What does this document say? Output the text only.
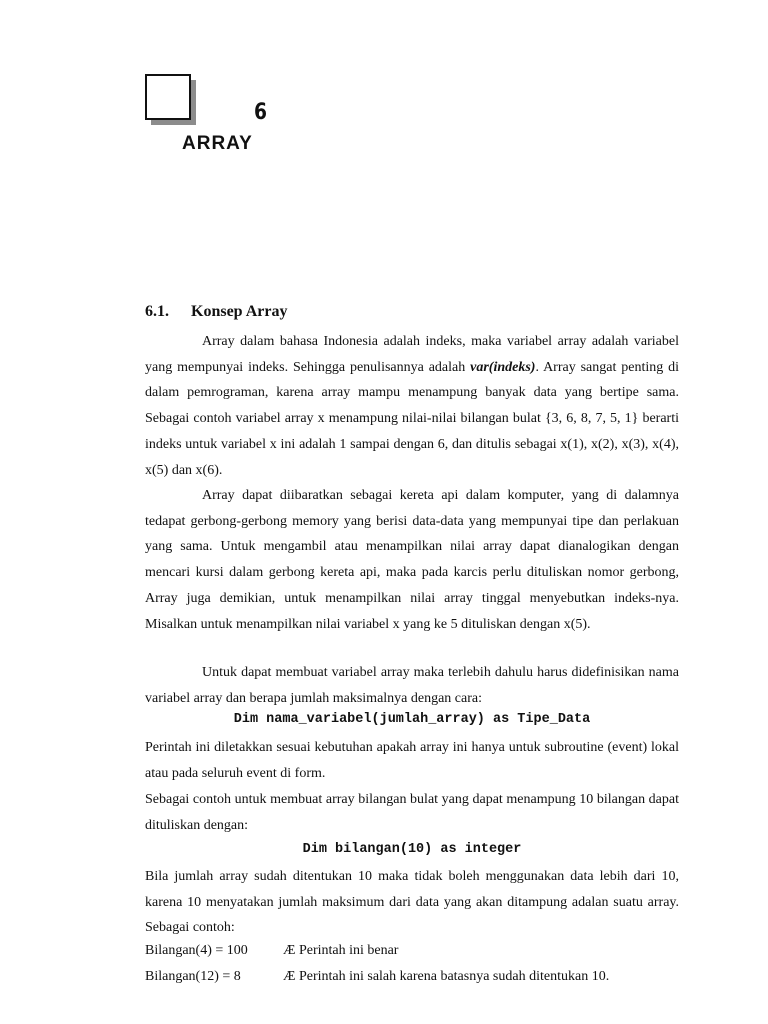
6
ARRAY
6.1. Konsep Array

Array dalam bahasa Indonesia adalah indeks, maka variabel array adalah variabel yang mempunyai indeks. Sehingga penulisannya adalah var(indeks). Array sangat penting di dalam pemrograman, karena array mampu menampung banyak data yang bertipe sama. Sebagai contoh variabel array x menampung nilai-nilai bilangan bulat {3, 6, 8, 7, 5, 1} berarti indeks untuk variabel x ini adalah 1 sampai dengan 6, dan ditulis sebagai x(1), x(2), x(3), x(4), x(5) dan x(6).

Array dapat diibaratkan sebagai kereta api dalam komputer, yang di dalamnya tedapat gerbong-gerbong memory yang berisi data-data yang mempunyai tipe dan perlakuan yang sama. Untuk mengambil atau menampilkan nilai array dapat dianalogikan dengan mencari kursi dalam gerbong kereta api, maka pada karcis perlu dituliskan nomor gerbong, Array juga demikian, untuk menampilkan nilai array tinggal menyebutkan indeks-nya. Misalkan untuk menampilkan nilai variabel x yang ke 5 dituliskan dengan x(5).

Untuk dapat membuat variabel array maka terlebih dahulu harus didefinisikan nama variabel array dan berapa jumlah maksimalnya dengan cara:

Dim nama_variabel(jumlah_array) as Tipe_Data

Perintah ini diletakkan sesuai kebutuhan apakah array ini hanya untuk subroutine (event) lokal atau pada seluruh event di form.

Sebagai contoh untuk membuat array bilangan bulat yang dapat menampung 10 bilangan dapat dituliskan dengan:

Dim bilangan(10) as integer

Bila jumlah array sudah ditentukan 10 maka tidak boleh menggunakan data lebih dari 10, karena 10 menyatakan jumlah maksimum dari data yang akan ditampung adalan suatu array. Sebagai contoh:

Bilangan(4) = 100	Æ Perintah ini benar
Bilangan(12) = 8	Æ Perintah ini salah karena batasnya sudah ditentukan 10.
